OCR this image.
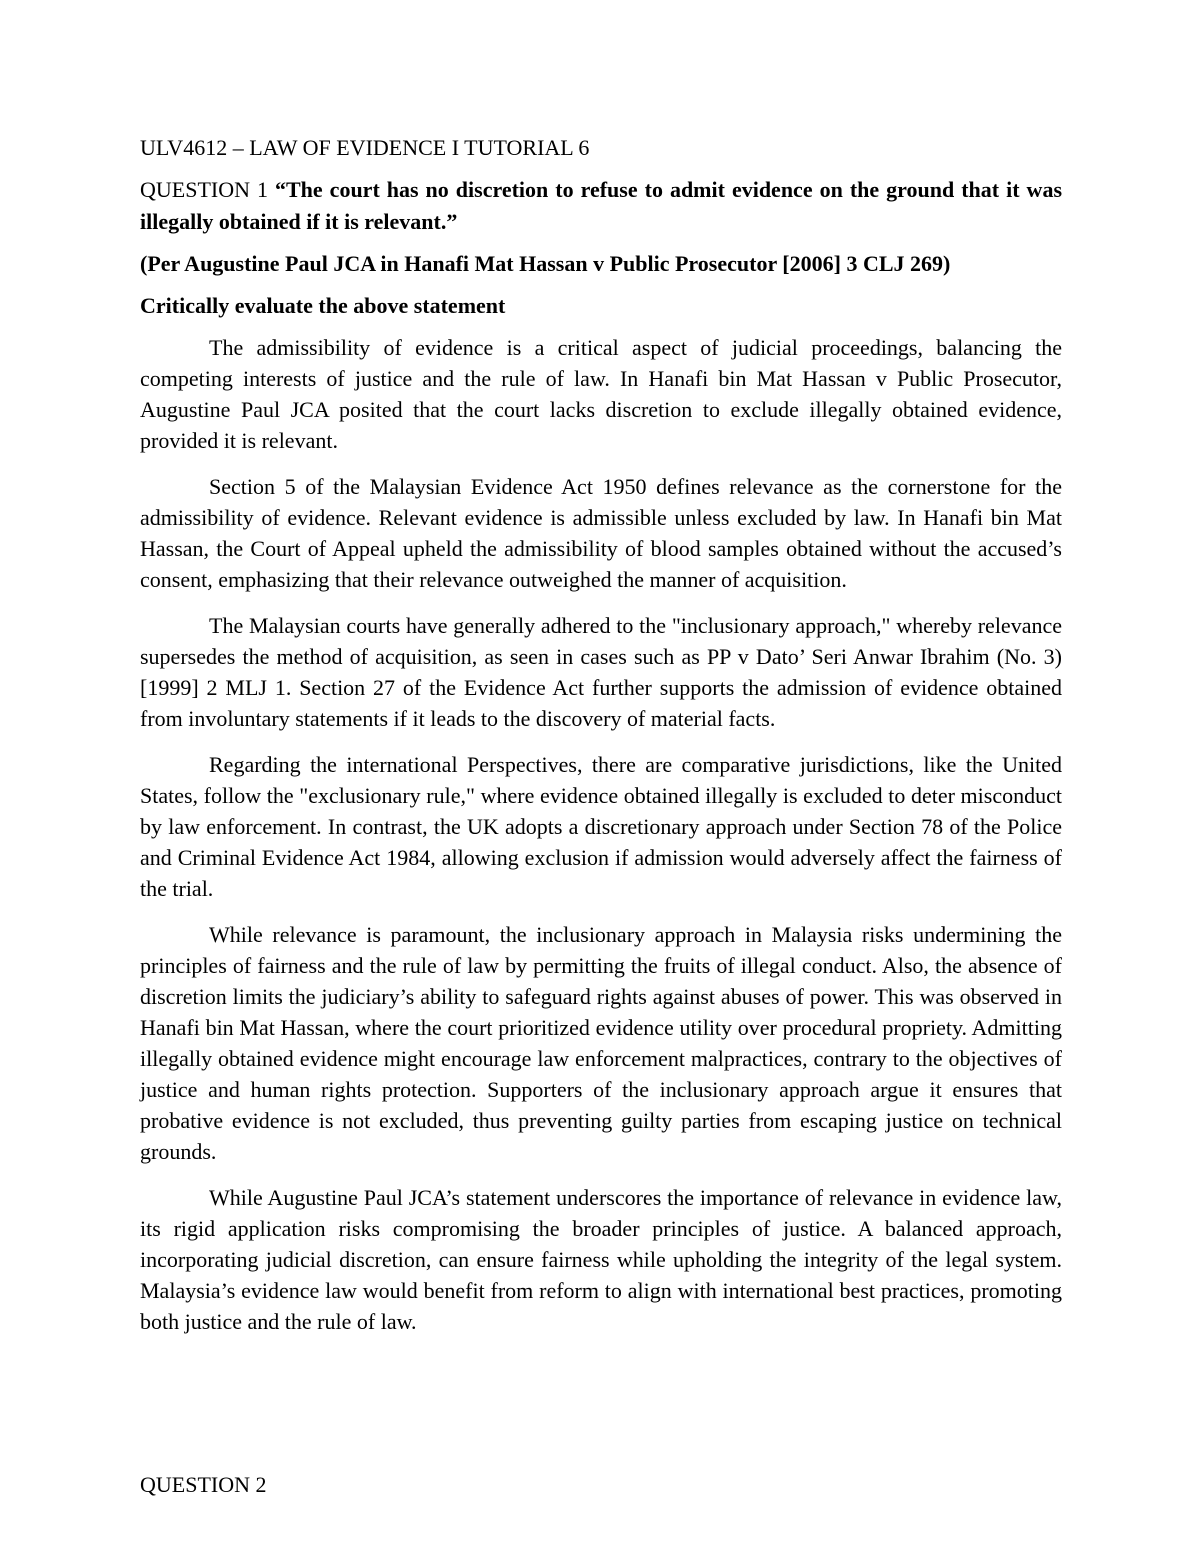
ULV4612 – LAW OF EVIDENCE I TUTORIAL 6

QUESTION 1 “The court has no discretion to refuse to admit evidence on the ground that it was illegally obtained if it is relevant.”

(Per Augustine Paul JCA in Hanafi Mat Hassan v Public Prosecutor [2006] 3 CLJ 269)

Critically evaluate the above statement

The admissibility of evidence is a critical aspect of judicial proceedings, balancing the competing interests of justice and the rule of law. In Hanafi bin Mat Hassan v Public Prosecutor, Augustine Paul JCA posited that the court lacks discretion to exclude illegally obtained evidence, provided it is relevant.

Section 5 of the Malaysian Evidence Act 1950 defines relevance as the cornerstone for the admissibility of evidence. Relevant evidence is admissible unless excluded by law. In Hanafi bin Mat Hassan, the Court of Appeal upheld the admissibility of blood samples obtained without the accused’s consent, emphasizing that their relevance outweighed the manner of acquisition.

The Malaysian courts have generally adhered to the "inclusionary approach," whereby relevance supersedes the method of acquisition, as seen in cases such as PP v Dato’ Seri Anwar Ibrahim (No. 3) [1999] 2 MLJ 1. Section 27 of the Evidence Act further supports the admission of evidence obtained from involuntary statements if it leads to the discovery of material facts.

Regarding the international Perspectives, there are comparative jurisdictions, like the United States, follow the "exclusionary rule," where evidence obtained illegally is excluded to deter misconduct by law enforcement. In contrast, the UK adopts a discretionary approach under Section 78 of the Police and Criminal Evidence Act 1984, allowing exclusion if admission would adversely affect the fairness of the trial.

While relevance is paramount, the inclusionary approach in Malaysia risks undermining the principles of fairness and the rule of law by permitting the fruits of illegal conduct. Also, the absence of discretion limits the judiciary’s ability to safeguard rights against abuses of power. This was observed in Hanafi bin Mat Hassan, where the court prioritized evidence utility over procedural propriety. Admitting illegally obtained evidence might encourage law enforcement malpractices, contrary to the objectives of justice and human rights protection. Supporters of the inclusionary approach argue it ensures that probative evidence is not excluded, thus preventing guilty parties from escaping justice on technical grounds.

While Augustine Paul JCA’s statement underscores the importance of relevance in evidence law, its rigid application risks compromising the broader principles of justice. A balanced approach, incorporating judicial discretion, can ensure fairness while upholding the integrity of the legal system. Malaysia’s evidence law would benefit from reform to align with international best practices, promoting both justice and the rule of law.

QUESTION 2
